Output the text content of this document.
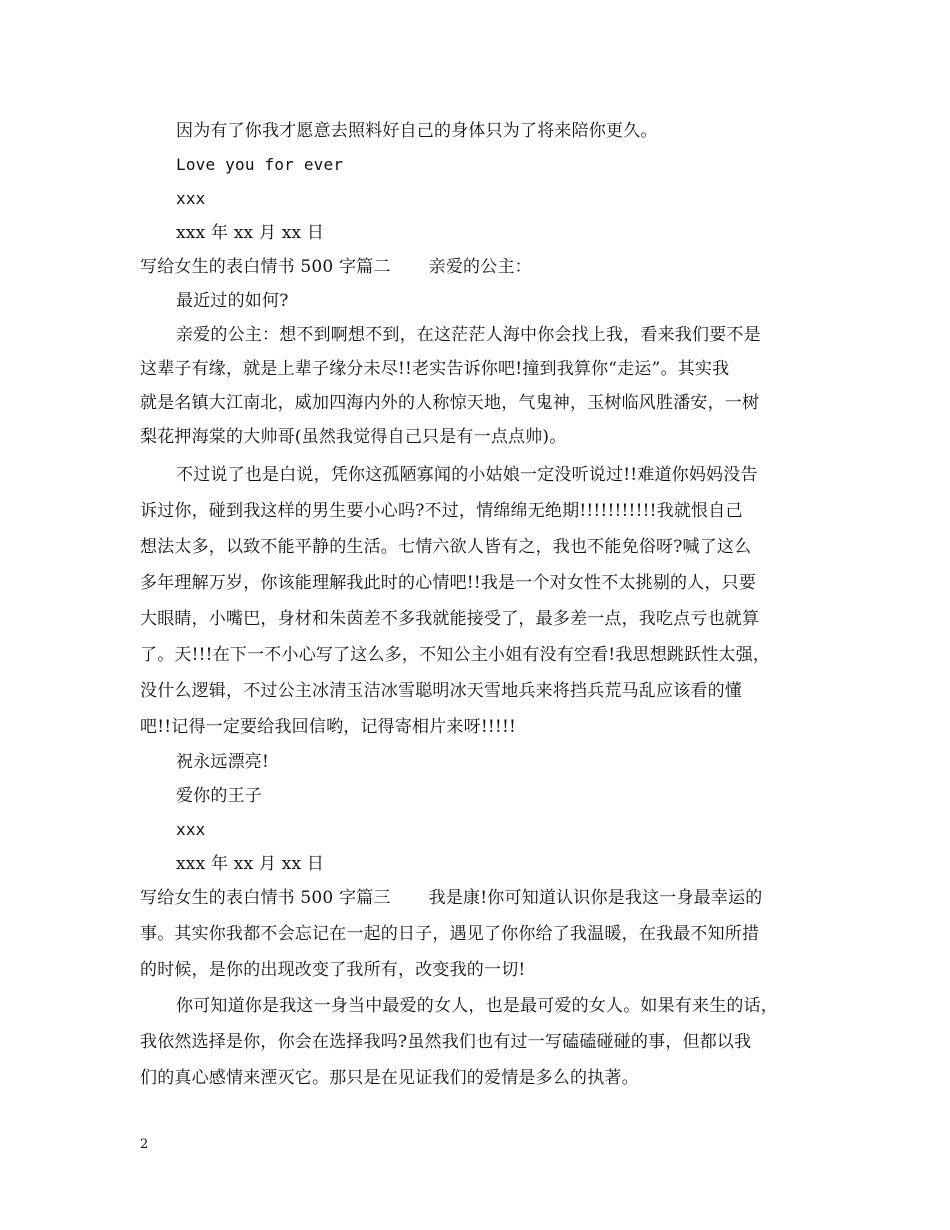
因为有了你我才愿意去照料好自己的身体只为了将来陪你更久。
Love you for ever
xxx
xxx 年 xx 月 xx 日
写给女生的表白情书 500 字篇二 亲爱的公主：
最近过的如何?
亲爱的公主：想不到啊想不到，在这茫茫人海中你会找上我，看来我们要不是
这辈子有缘，就是上辈子缘分未尽!!老实告诉你吧!撞到我算你“走运”。其实我
就是名镇大江南北，威加四海内外的人称惊天地，气鬼神，玉树临风胜潘安，一树
梨花押海棠的大帅哥(虽然我觉得自己只是有一点点帅)。
不过说了也是白说，凭你这孤陋寡闻的小姑娘一定没听说过!!难道你妈妈没告
诉过你，碰到我这样的男生要小心吗?不过，情绵绵无绝期!!!!!!!!!!!我就恨自己
想法太多，以致不能平静的生活。七情六欲人皆有之，我也不能免俗呀?喊了这么
多年理解万岁，你该能理解我此时的心情吧!!我是一个对女性不太挑剔的人，只要
大眼睛，小嘴巴，身材和朱茵差不多我就能接受了，最多差一点，我吃点亏也就算
了。天!!!在下一不小心写了这么多，不知公主小姐有没有空看!我思想跳跃性太强，
没什么逻辑，不过公主冰清玉洁冰雪聪明冰天雪地兵来将挡兵荒马乱应该看的懂
吧!!记得一定要给我回信哟，记得寄相片来呀!!!!!
祝永远漂亮!
爱你的王子
xxx
xxx 年 xx 月 xx 日
写给女生的表白情书 500 字篇三 我是康!你可知道认识你是我这一身最幸运的
事。其实你我都不会忘记在一起的日子，遇见了你你给了我温暖，在我最不知所措
的时候，是你的出现改变了我所有，改变我的一切!
你可知道你是我这一身当中最爱的女人，也是最可爱的女人。如果有来生的话，
我依然选择是你，你会在选择我吗?虽然我们也有过一写磕磕碰碰的事，但都以我
们的真心感情来湮灭它。那只是在见证我们的爱情是多么的执著。
2
